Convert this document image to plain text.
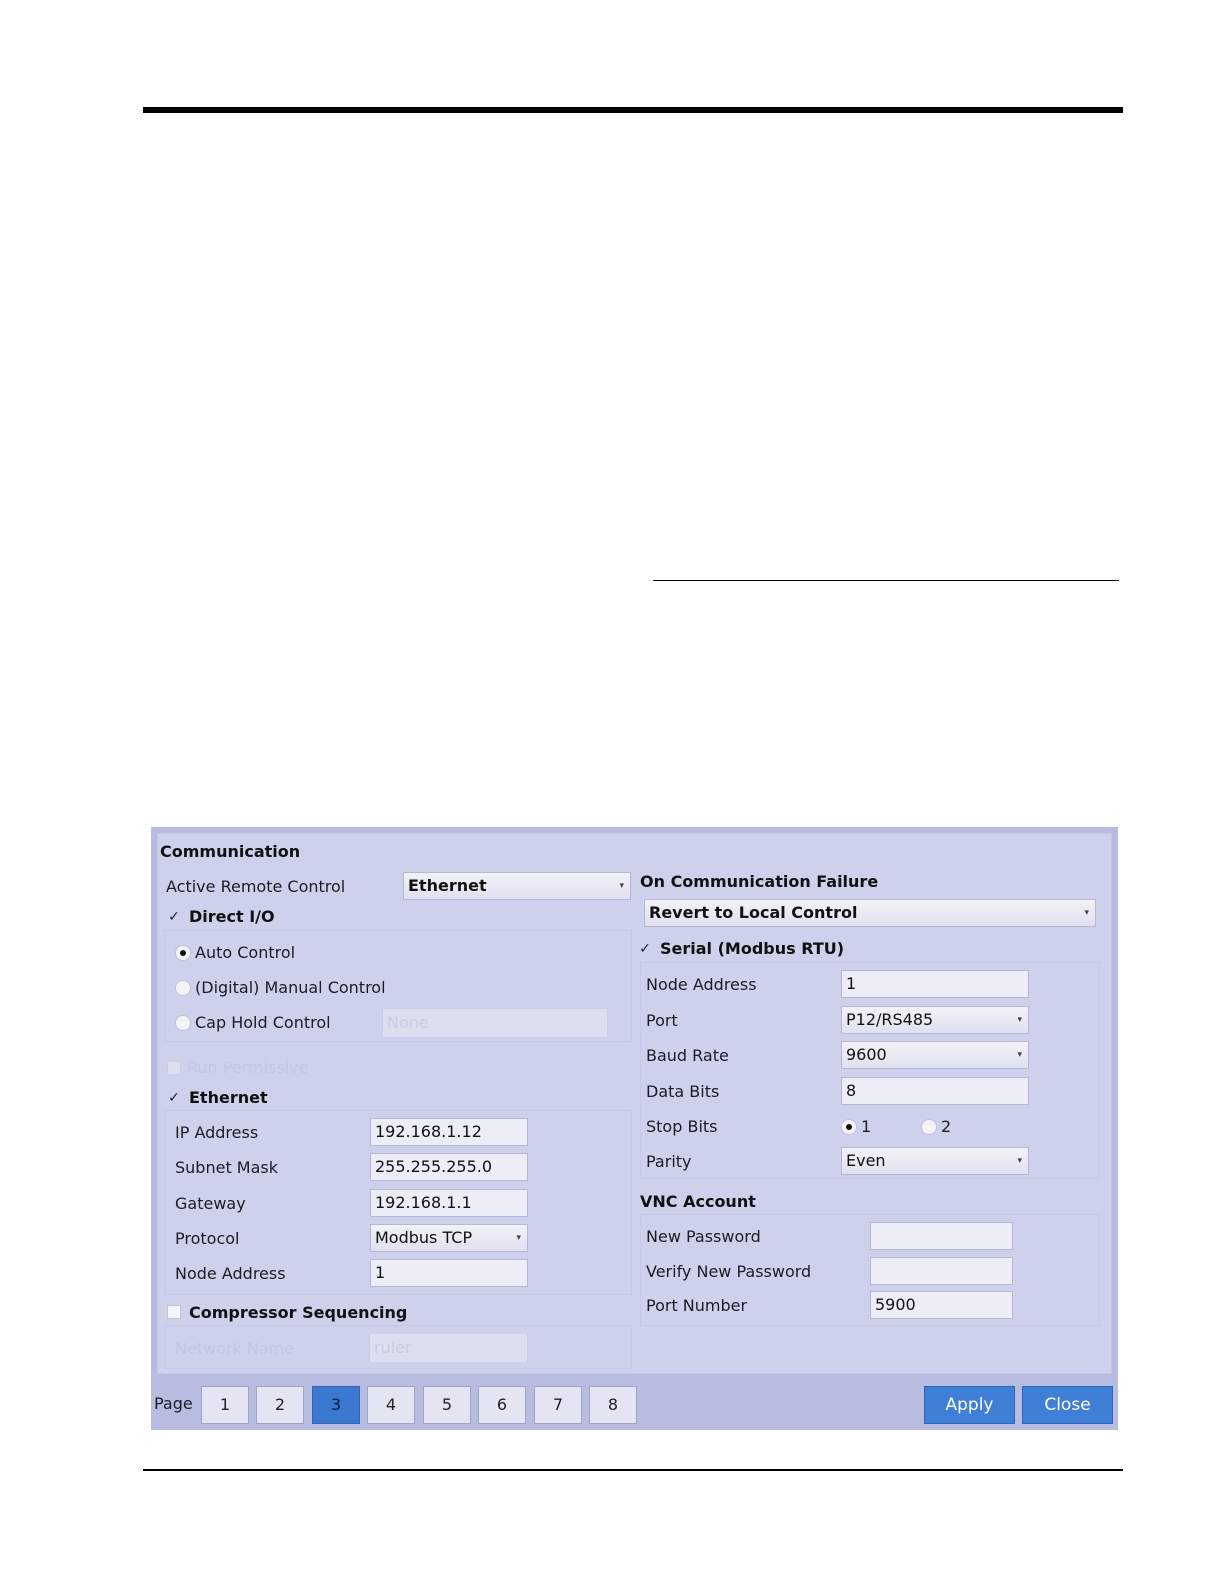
Communication
Active Remote Control	Ethernet	▾
✓ Direct I/O
Auto Control
(Digital) Manual Control
Cap Hold Control	None
Run Permissive
✓ Ethernet
IP Address	192.168.1.12
Subnet Mask	255.255.255.0
Gateway	192.168.1.1
Protocol	Modbus TCP	▾
Node Address	1
Compressor Sequencing
Network Name	ruler
On Communication Failure
Revert to Local Control	▾
✓ Serial (Modbus RTU)
Node Address	1
Port	P12/RS485	▾
Baud Rate	9600	▾
Data Bits	8
Stop Bits	1	2
Parity	Even	▾
VNC Account
New Password
Verify New Password
Port Number	5900
Page	1	2	3	4	5	6	7	8	Apply	Close
